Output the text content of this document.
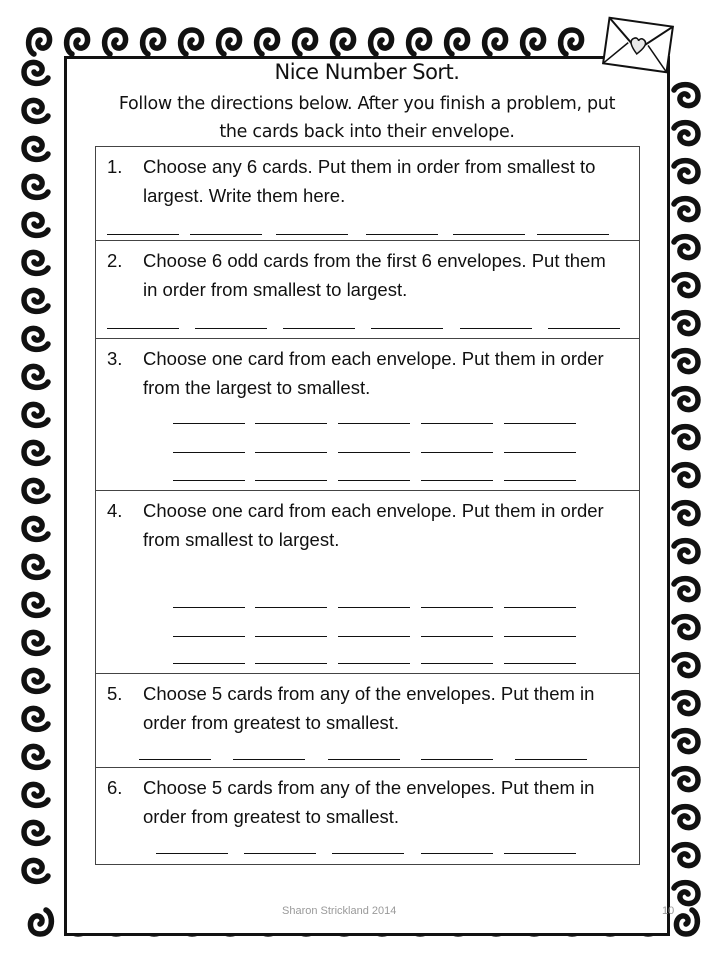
Nice Number Sort.
Follow the directions below. After you finish a problem, put
the cards back into their envelope.
1. Choose any 6 cards. Put them in order from smallest to largest. Write them here.
2. Choose 6 odd cards from the first 6 envelopes. Put them in order from smallest to largest.
3. Choose one card from each envelope. Put them in order from the largest to smallest.
4. Choose one card from each envelope. Put them in order from smallest to largest.
5. Choose 5 cards from any of the envelopes. Put them in order from greatest to smallest.
6. Choose 5 cards from any of the envelopes. Put them in order from greatest to smallest.
Sharon Strickland 2014	10
